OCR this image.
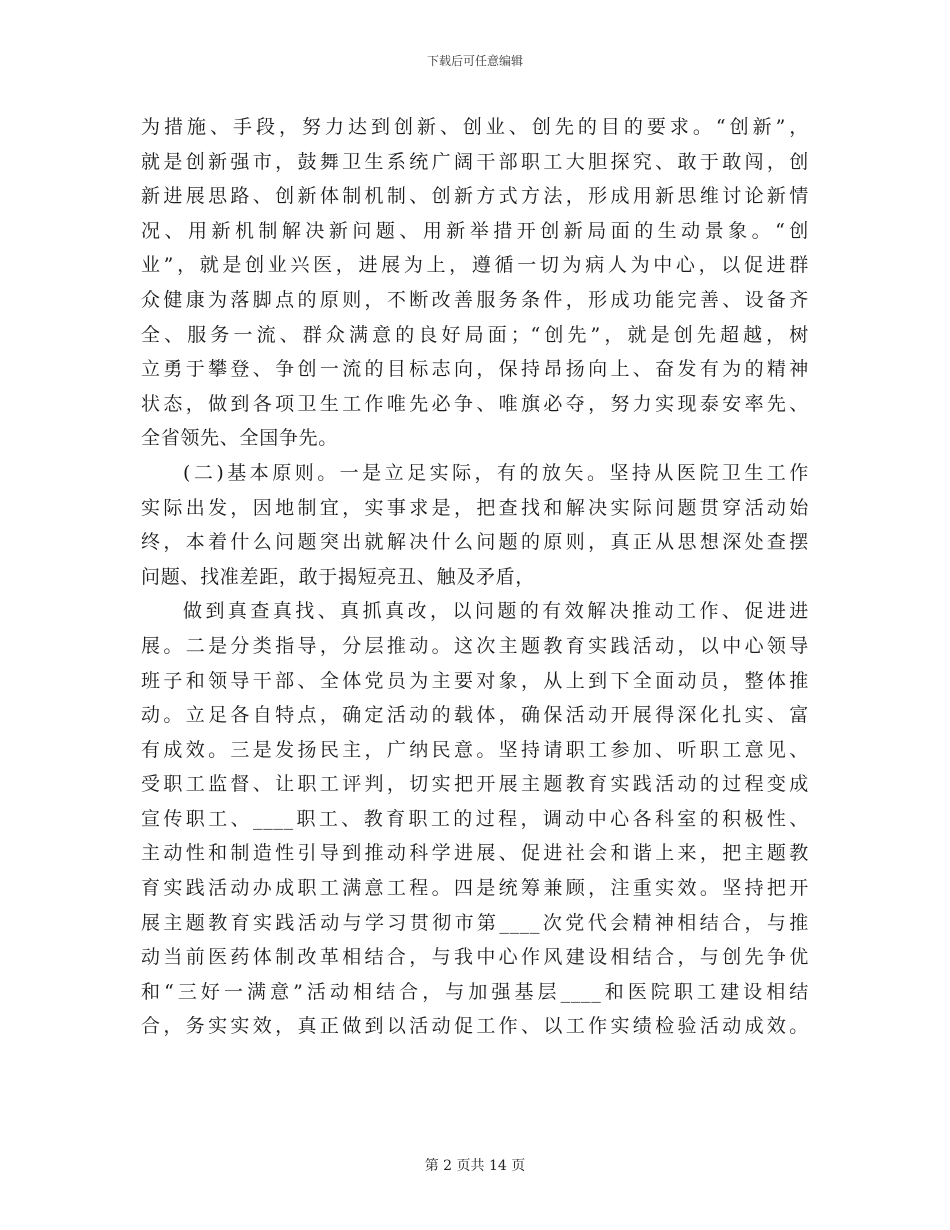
下载后可任意编辑
为措施、手段，努力达到创新、创业、创先的目的要求。“创新”，
就是创新强市，鼓舞卫生系统广阔干部职工大胆探究、敢于敢闯，创
新进展思路、创新体制机制、创新方式方法，形成用新思维讨论新情
况、用新机制解决新问题、用新举措开创新局面的生动景象。“创
业”，就是创业兴医，进展为上，遵循一切为病人为中心，以促进群
众健康为落脚点的原则，不断改善服务条件，形成功能完善、设备齐
全、服务一流、群众满意的良好局面；“创先”，就是创先超越，树
立勇于攀登、争创一流的目标志向，保持昂扬向上、奋发有为的精神
状态，做到各项卫生工作唯先必争、唯旗必夺，努力实现泰安率先、
全省领先、全国争先。
(二)基本原则。一是立足实际，有的放矢。坚持从医院卫生工作
实际出发，因地制宜，实事求是，把查找和解决实际问题贯穿活动始
终，本着什么问题突出就解决什么问题的原则，真正从思想深处查摆
问题、找准差距，敢于揭短亮丑、触及矛盾，
做到真查真找、真抓真改，以问题的有效解决推动工作、促进进
展。二是分类指导，分层推动。这次主题教育实践活动，以中心领导
班子和领导干部、全体党员为主要对象，从上到下全面动员，整体推
动。立足各自特点，确定活动的载体，确保活动开展得深化扎实、富
有成效。三是发扬民主，广纳民意。坚持请职工参加、听职工意见、
受职工监督、让职工评判，切实把开展主题教育实践活动的过程变成
宣传职工、____职工、教育职工的过程，调动中心各科室的积极性、
主动性和制造性引导到推动科学进展、促进社会和谐上来，把主题教
育实践活动办成职工满意工程。四是统筹兼顾，注重实效。坚持把开
展主题教育实践活动与学习贯彻市第____次党代会精神相结合，与推
动当前医药体制改革相结合，与我中心作风建设相结合，与创先争优
和“三好一满意”活动相结合，与加强基层____和医院职工建设相结
合，务实实效，真正做到以活动促工作、以工作实绩检验活动成效。
第 2 页共 14 页
